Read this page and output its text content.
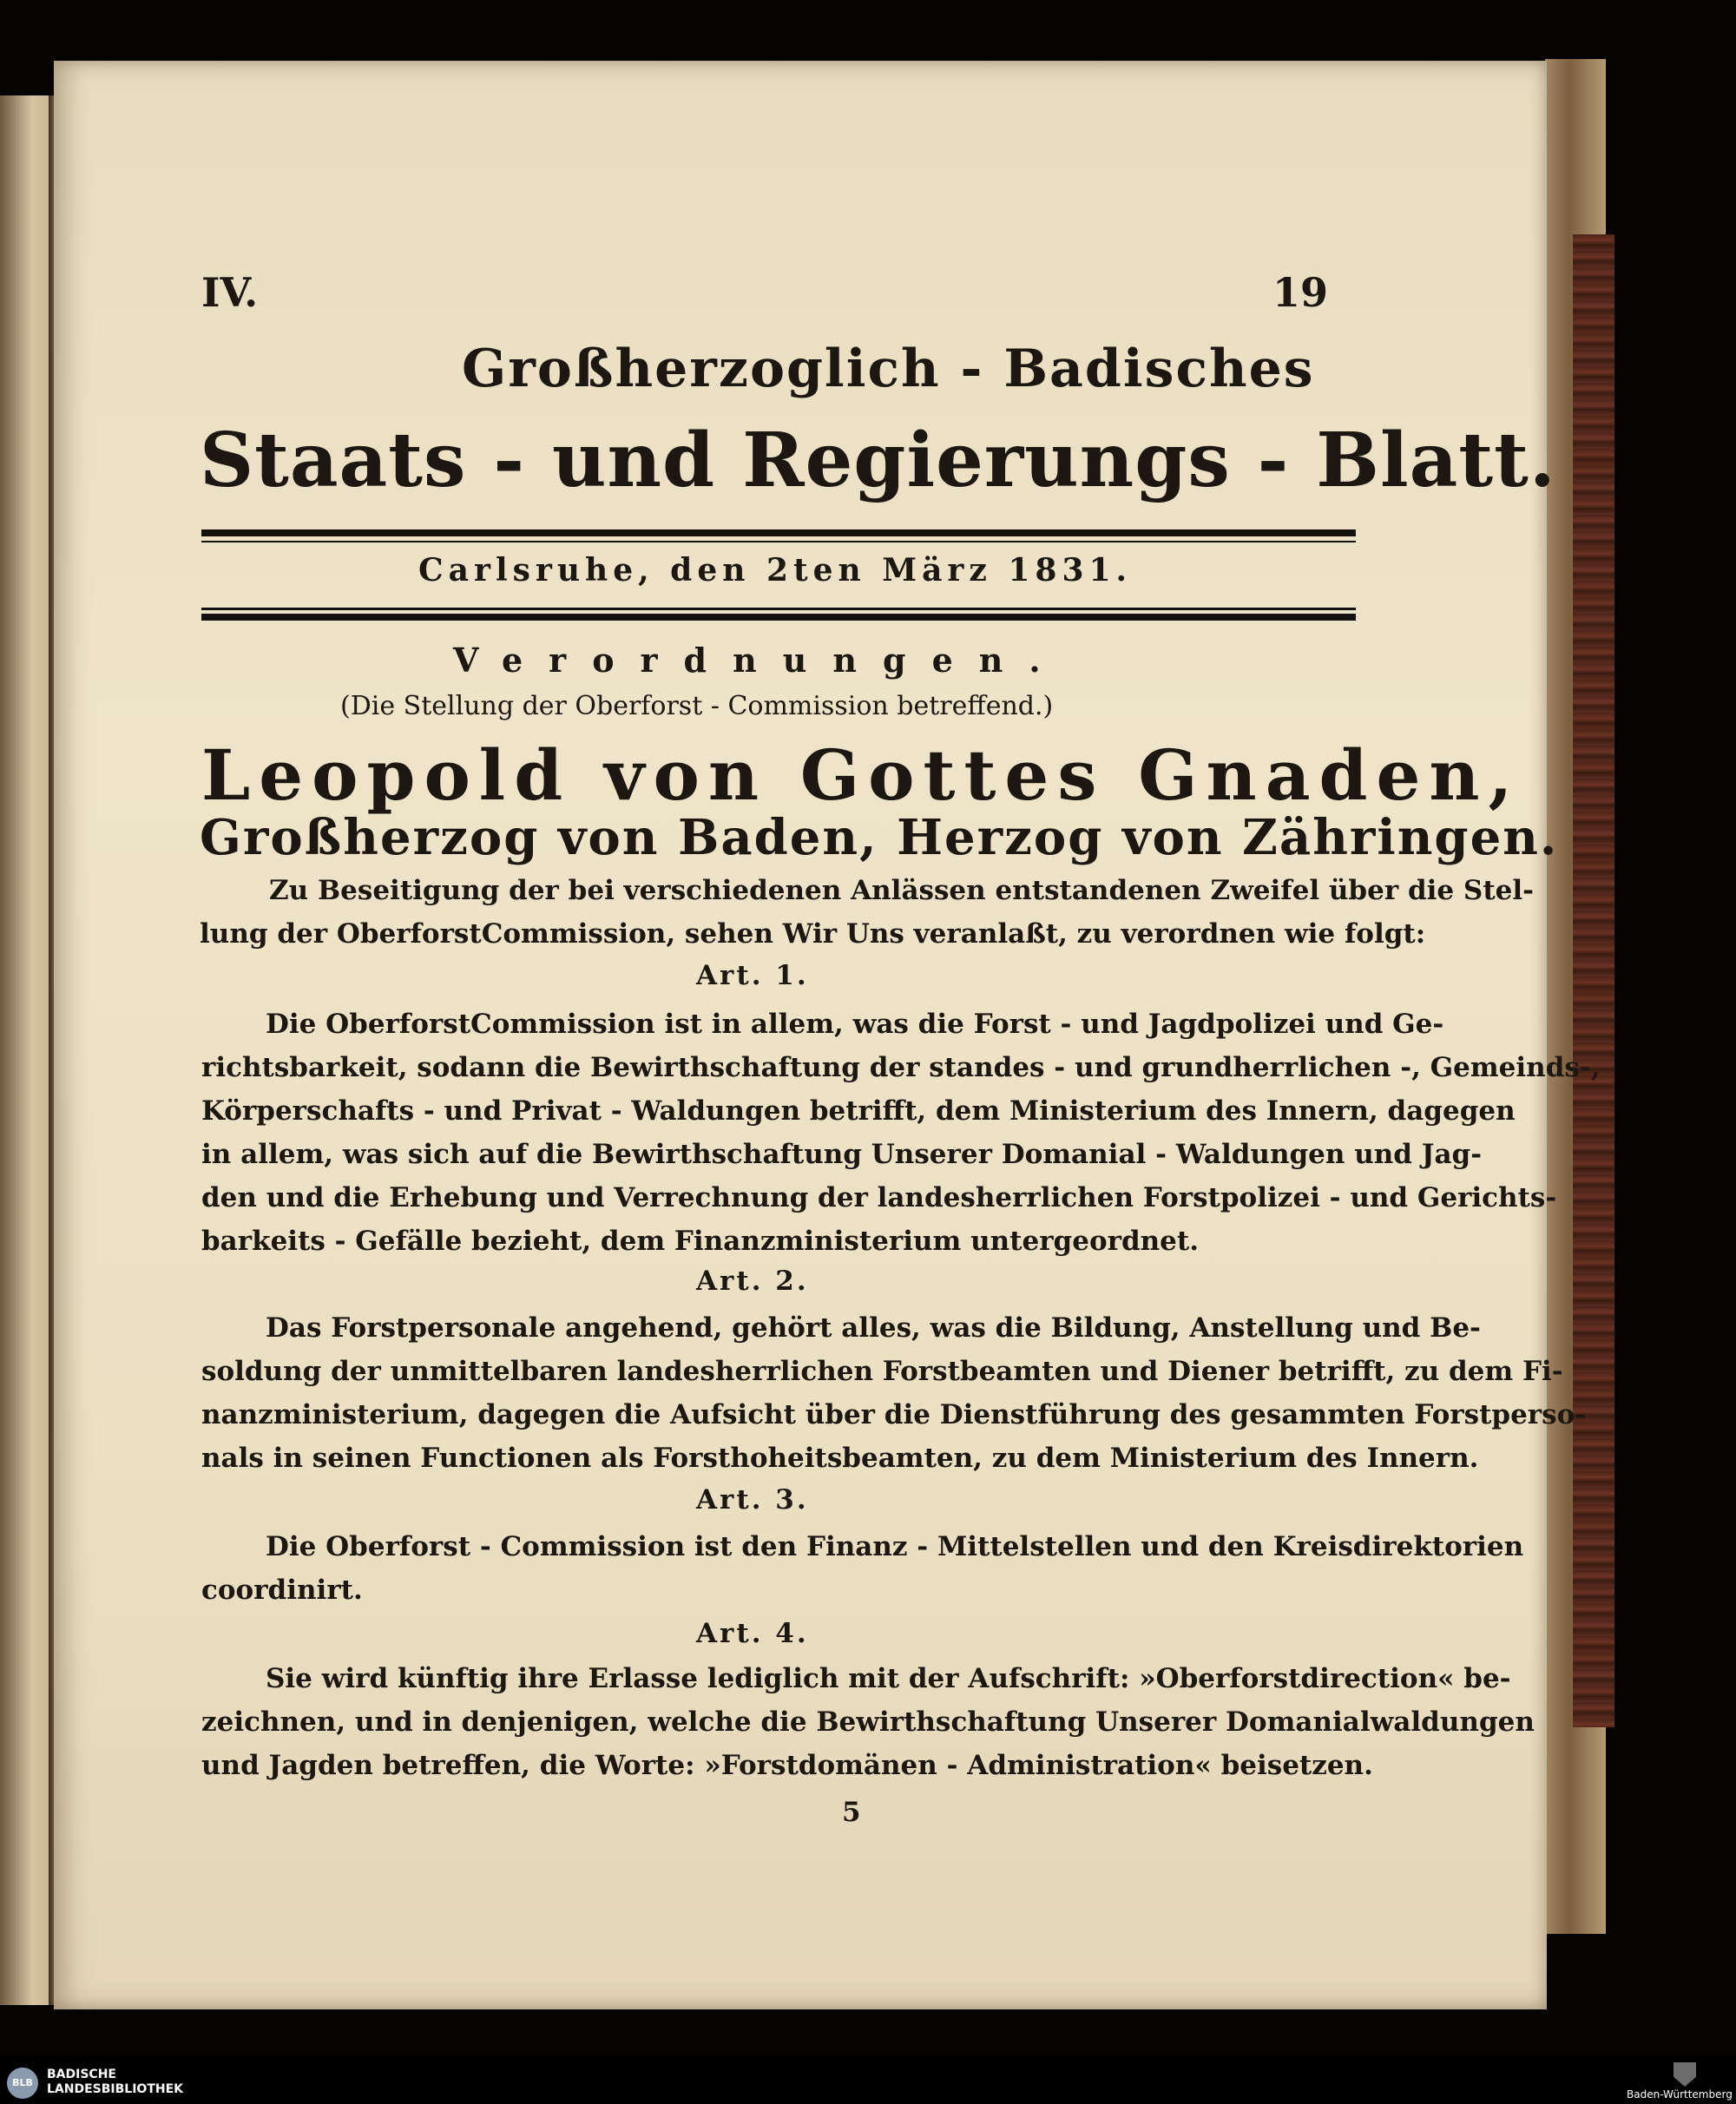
IV.	19
Großherzoglich - Badisches
Staats - und Regierungs - Blatt.
Carlsruhe, den 2ten März 1831.
Verordnungen.
(Die Stellung der Oberforst - Commission betreffend.)
Leopold von Gottes Gnaden,
Großherzog von Baden, Herzog von Zähringen.
Zu Beseitigung der bei verschiedenen Anlässen entstandenen Zweifel über die Stel-
lung der OberforstCommission, sehen Wir Uns veranlaßt, zu verordnen wie folgt:
Art. 1.
Die OberforstCommission ist in allem, was die Forst - und Jagdpolizei und Ge-
richtsbarkeit, sodann die Bewirthschaftung der standes - und grundherrlichen -, Gemeinds-,
Körperschafts - und Privat - Waldungen betrifft, dem Ministerium des Innern, dagegen
in allem, was sich auf die Bewirthschaftung Unserer Domanial - Waldungen und Jag-
den und die Erhebung und Verrechnung der landesherrlichen Forstpolizei - und Gerichts-
barkeits - Gefälle bezieht, dem Finanzministerium untergeordnet.
Art. 2.
Das Forstpersonale angehend, gehört alles, was die Bildung, Anstellung und Be-
soldung der unmittelbaren landesherrlichen Forstbeamten und Diener betrifft, zu dem Fi-
nanzministerium, dagegen die Aufsicht über die Dienstführung des gesammten Forstperso-
nals in seinen Functionen als Forsthoheitsbeamten, zu dem Ministerium des Innern.
Art. 3.
Die Oberforst - Commission ist den Finanz - Mittelstellen und den Kreisdirektorien
coordinirt.
Art. 4.
Sie wird künftig ihre Erlasse lediglich mit der Aufschrift: »Oberforstdirection« be-
zeichnen, und in denjenigen, welche die Bewirthschaftung Unserer Domanialwaldungen
und Jagden betreffen, die Worte: »Forstdomänen - Administration« beisetzen.
5
BLB
BADISCHE
LANDESBIBLIOTHEK	Baden-Württemberg
